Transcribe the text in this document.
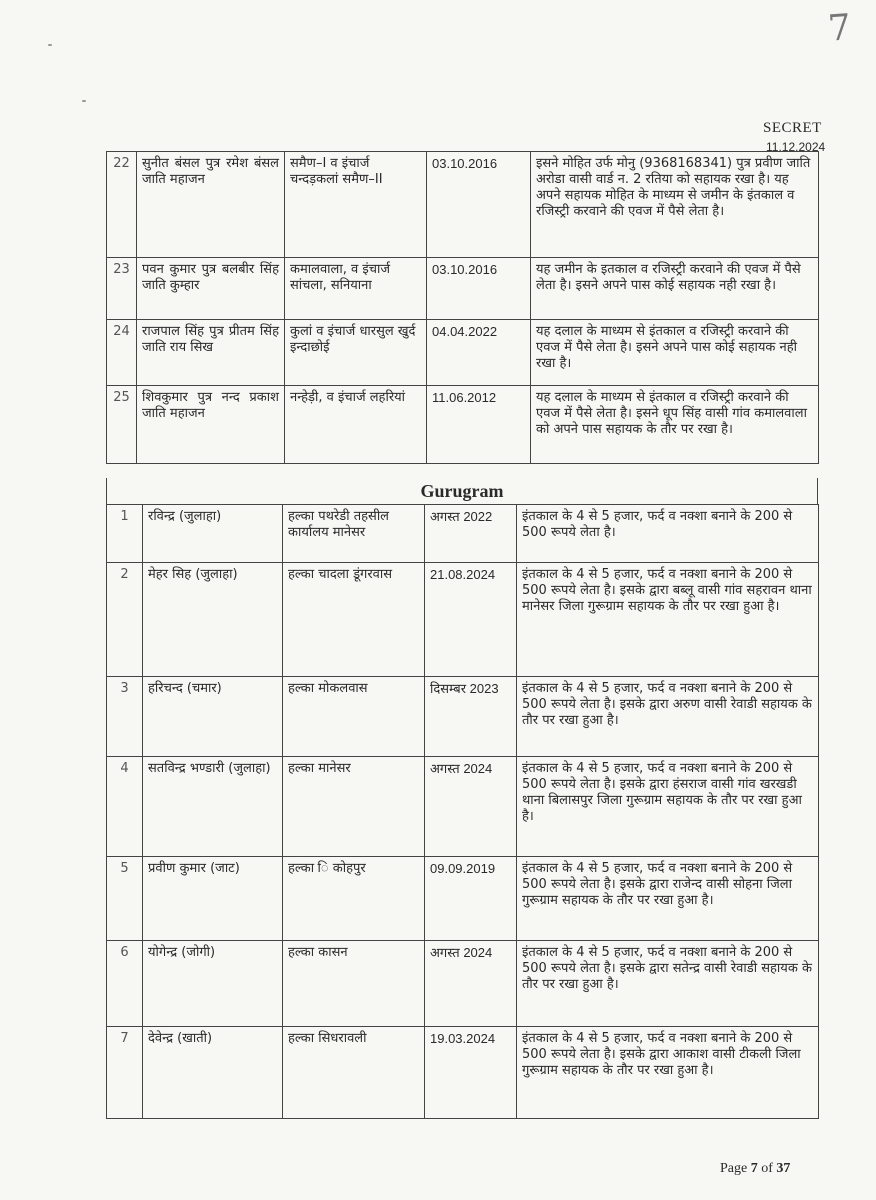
7
SECRET
11.12.2024
22	सुनीत बंसल पुत्र रमेश बंसल जाति महाजन	समैण–I व इंचार्ज चन्दड़कलां समैण–II	03.10.2016	इसने मोहित उर्फ मोनु (9368168341) पुत्र प्रवीण जाति अरोडा वासी वार्ड न. 2 रतिया को सहायक रखा है। यह अपने सहायक मोहित के माध्यम से जमीन के इंतकाल व रजिस्ट्री करवाने की एवज में पैसे लेता है।
23	पवन कुमार पुत्र बलबीर सिंह जाति कुम्हार	कमालवाला, व इंचार्ज सांचला, सनियाना	03.10.2016	यह जमीन के इतकाल व रजिस्ट्री करवाने की एवज में पैसे लेता है। इसने अपने पास कोई सहायक नही रखा है।
24	राजपाल सिंह पुत्र प्रीतम सिंह जाति राय सिख	कुलां व इंचार्ज धारसुल खुर्द इन्दाछोई	04.04.2022	यह दलाल के माध्यम से इंतकाल व रजिस्ट्री करवाने की एवज में पैसे लेता है। इसने अपने पास कोई सहायक नही रखा है।
25	शिवकुमार पुत्र नन्द प्रकाश जाति महाजन	नन्हेड़ी, व इंचार्ज लहरियां	11.06.2012	यह दलाल के माध्यम से इंतकाल व रजिस्ट्री करवाने की एवज में पैसे लेता है। इसने धूप सिंह वासी गांव कमालवाला को अपने पास सहायक के तौर पर रखा है।
Gurugram
1	रविन्द्र (जुलाहा)	हल्का पथरेडी तहसील कार्यालय मानेसर	अगस्त 2022	इंतकाल के 4 से 5 हजार, फर्द व नक्शा बनाने के 200 से 500 रूपये लेता है।
2	मेहर सिह (जुलाहा)	हल्का चादला डूंगरवास	21.08.2024	इंतकाल के 4 से 5 हजार, फर्द व नक्शा बनाने के 200 से 500 रूपये लेता है। इसके द्वारा बब्लू वासी गांव सहरावन थाना मानेसर जिला गुरूग्राम सहायक के तौर पर रखा हुआ है।
3	हरिचन्द (चमार)	हल्का मोकलवास	दिसम्बर 2023	इंतकाल के 4 से 5 हजार, फर्द व नक्शा बनाने के 200 से 500 रूपये लेता है। इसके द्वारा अरुण वासी रेवाडी सहायक के तौर पर रखा हुआ है।
4	सतविन्द्र भण्डारी (जुलाहा)	हल्का मानेसर	अगस्त 2024	इंतकाल के 4 से 5 हजार, फर्द व नक्शा बनाने के 200 से 500 रूपये लेता है। इसके द्वारा हंसराज वासी गांव खरखडी थाना बिलासपुर जिला गुरूग्राम सहायक के तौर पर रखा हुआ है।
5	प्रवीण कुमार (जाट)	हल्का ि कोहपुर	09.09.2019	इंतकाल के 4 से 5 हजार, फर्द व नक्शा बनाने के 200 से 500 रूपये लेता है। इसके द्वारा राजेन्द वासी सोहना जिला गुरूग्राम सहायक के तौर पर रखा हुआ है।
6	योगेन्द्र (जोगी)	हल्का कासन	अगस्त 2024	इंतकाल के 4 से 5 हजार, फर्द व नक्शा बनाने के 200 से 500 रूपये लेता है। इसके द्वारा सतेन्द्र वासी रेवाडी सहायक के तौर पर रखा हुआ है।
7	देवेन्द्र (खाती)	हल्का सिधरावली	19.03.2024	इंतकाल के 4 से 5 हजार, फर्द व नक्शा बनाने के 200 से 500 रूपये लेता है। इसके द्वारा आकाश वासी टीकली जिला गुरूग्राम सहायक के तौर पर रखा हुआ है।
Page 7 of 37
